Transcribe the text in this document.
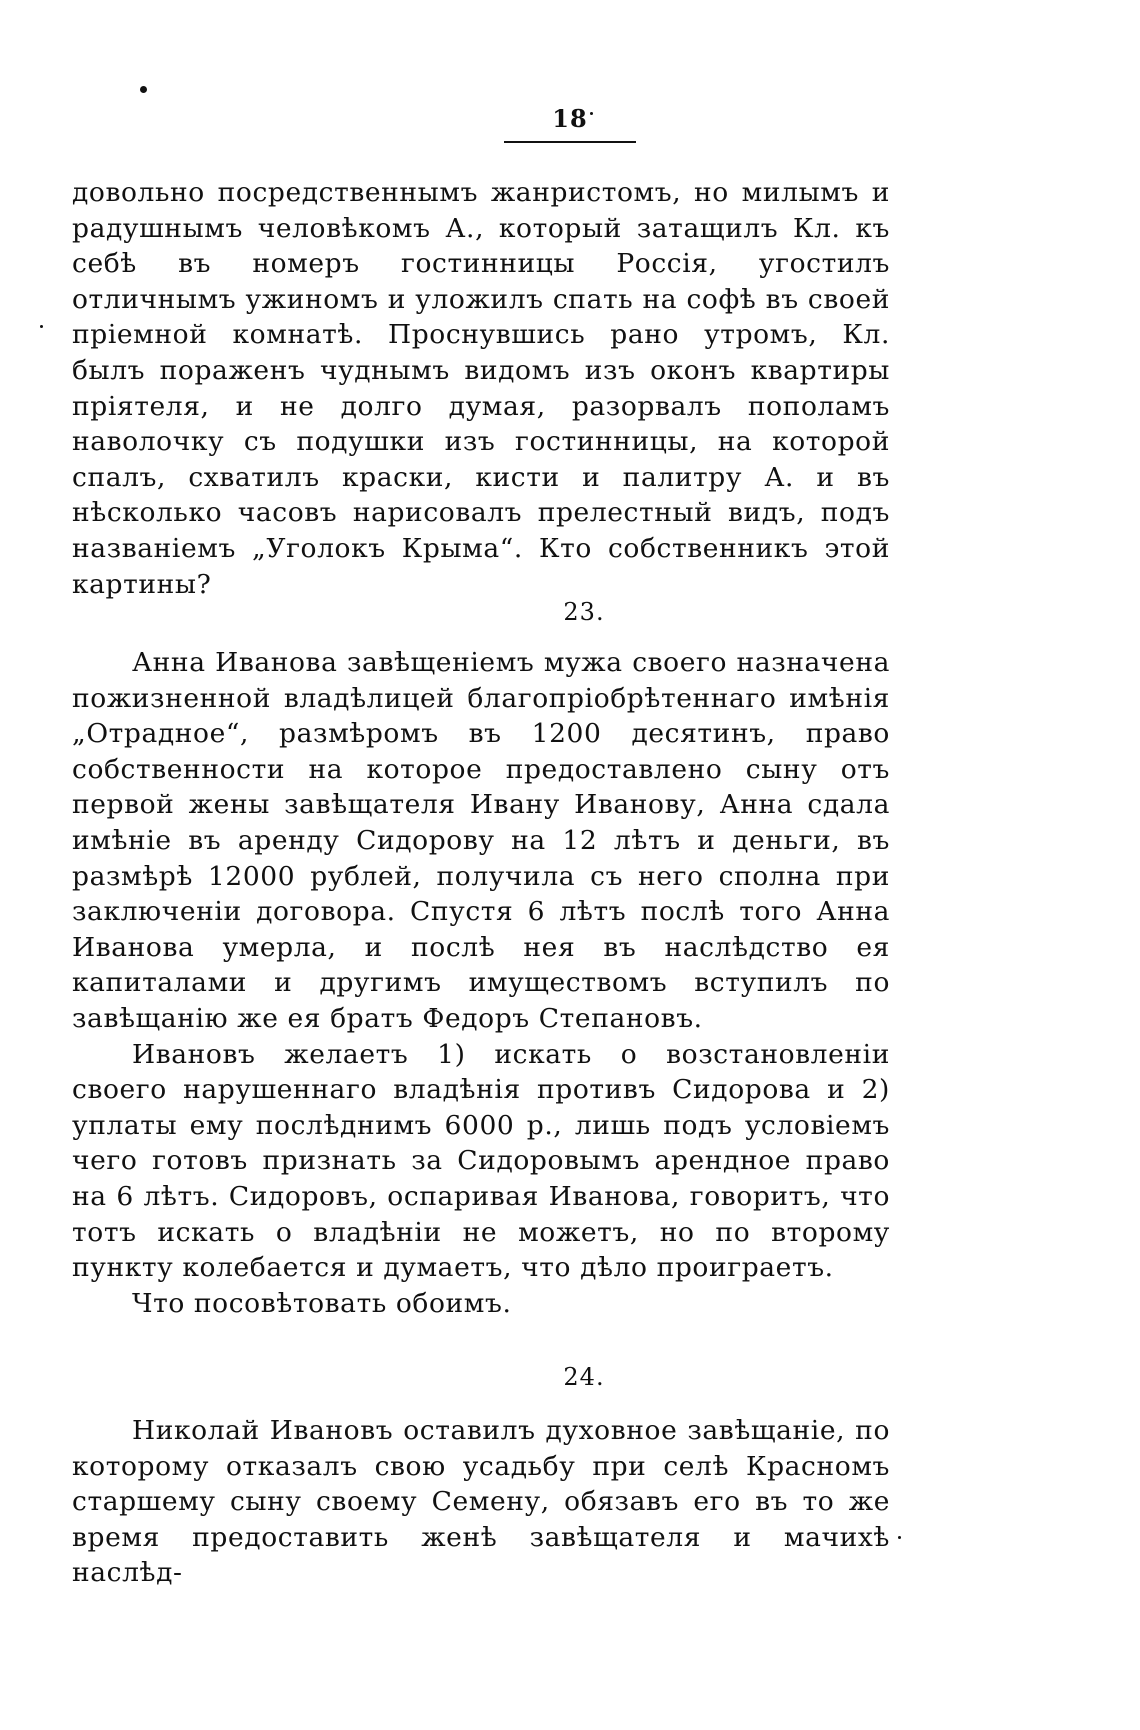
18

довольно посредственнымъ жанристомъ, но милымъ и радушнымъ человѣкомъ А., который затащилъ Кл. къ себѣ въ номеръ гостинницы Россія, угостилъ отличнымъ ужиномъ и уложилъ спать на софѣ въ своей пріемной комнатѣ. Проснувшись рано утромъ, Кл. былъ пораженъ чуднымъ видомъ изъ оконъ квартиры пріятеля, и не долго думая, разорвалъ пополамъ наволочку съ подушки изъ гостинницы, на которой спалъ, схватилъ краски, кисти и палитру А. и въ нѣсколько часовъ нарисовалъ прелестный видъ, подъ названіемъ „Уголокъ Крыма“. Кто собственникъ этой картины?

23.

Анна Иванова завѣщеніемъ мужа своего назначена пожизненной владѣлицей благопріобрѣтеннаго имѣнія „Отрадное“, размѣромъ въ 1200 десятинъ, право собственности на которое предоставлено сыну отъ первой жены завѣщателя Ивану Иванову, Анна сдала имѣніе въ аренду Сидорову на 12 лѣтъ и деньги, въ размѣрѣ 12000 рублей, получила съ него сполна при заключеніи договора. Спустя 6 лѣтъ послѣ того Анна Иванова умерла, и послѣ нея въ наслѣдство ея капиталами и другимъ имуществомъ вступилъ по завѣщанію же ея братъ Федоръ Степановъ.

Ивановъ желаетъ 1) искать о возстановленіи своего нарушеннаго владѣнія противъ Сидорова и 2) уплаты ему послѣднимъ 6000 р., лишь подъ условіемъ чего готовъ признать за Сидоровымъ арендное право на 6 лѣтъ. Сидоровъ, оспаривая Иванова, говоритъ, что тотъ искать о владѣніи не можетъ, но по второму пункту колебается и думаетъ, что дѣло проиграетъ.

Что посовѣтовать обоимъ.

24.

Николай Ивановъ оставилъ духовное завѣщаніе, по которому отказалъ свою усадьбу при селѣ Красномъ старшему сыну своему Семену, обязавъ его въ то же время предоставить женѣ завѣщателя и мачихѣ наслѣд-
